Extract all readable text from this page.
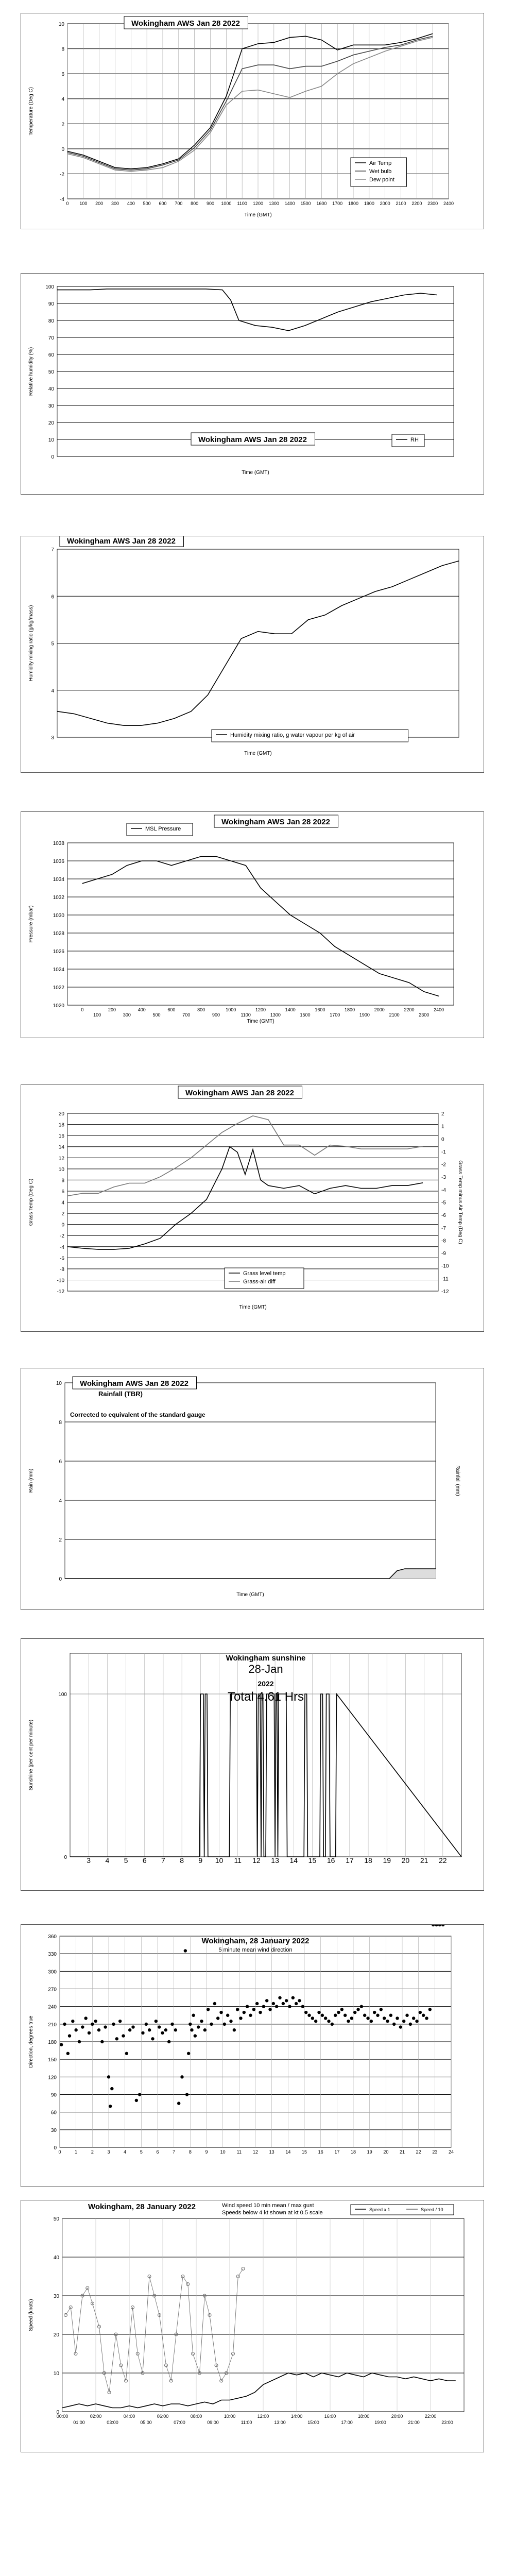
-4
-2
0
2
4
6
8
10
0 100 200 300 400 500 600 700 800 900 1000 1100 1200 1300 1400 1500 1600 1700 1800 1900 2000 2100 2200 2300 2400
Time (GMT)
Temperature (Deg C)
Wokingham AWS Jan 28 2022
Air Temp
Wet bulb
Dew point
0
10
20
30
40
50
60
70
80
90
100
Time (GMT)
Relative humidity (%)
Wokingham AWS Jan 28 2022	RH
3
4
5
6
7
Time (GMT)
Humidity mixing ratio (g/kg/mass)
Wokingham AWS Jan 28 2022
Humidity mixing ratio, g water vapour per kg of air
1020
1022
1024
1026
1028
1030
1032
1034
1036
1038
0
100
200
300
400
500
600
700
800
900
1000
1100
1200
1300
1400
1500
1600
1700
1800
1900
2000
2100
2200
2300
2400
Time (GMT)
Pressure (mbar)
Wokingham AWS Jan 28 2022
MSL Pressure
-12
-10
-8
-6
-4
-2
0
2
4
6
8
10
12
14
16
18
20
-12
-11
-10
-9
-8
-7
-6
-5
-4
-3
-2
-1
0
1
2
Time (GMT)
Grass Temp (Deg C)	Grass Temp minus Air Temp (Deg C)
Wokingham AWS Jan 28 2022
Grass level temp
Grass-air diff
0
2
4
6
8
10
Time (GMT)
Rain (mm)	Rainfall (mm)
Wokingham AWS Jan 28 2022
Rainfall (TBR)
Corrected to equivalent of the standard gauge
0
100
3 4 5 6 7 8 9 10 11 12 13 14 15 16 17 18 19 20 21 22
Sunshine (per cent per minute)
Wokingham sunshine
28-Jan
2022
Total 4.61 Hrs
0
30
60
90
120
150
180
210
240
270
300
330
360
0	1	2	3	4	5	6	7	8	9	10 11 12 13 14 15 16 17 18 19 20 21 22 23 24
Direction, degrees true
Wokingham, 28 January 2022
5 minute mean wind direction
0
10
20
30
40
50
00:00	02:00	04:00	06:00	08:00	10:00	12:00	14:00	16:00	18:00	20:00	22:00
01:00	03:00	05:00	07:00	09:00	11:00	13:00	15:00	17:00	19:00	21:00	23:00
Speed (knots)
Wokingham, 28 January 2022	Wind speed 10 min mean / max gust
Speeds below 4 kt shown at kt 0.5 scale	Speed x 1	Speed / 10
